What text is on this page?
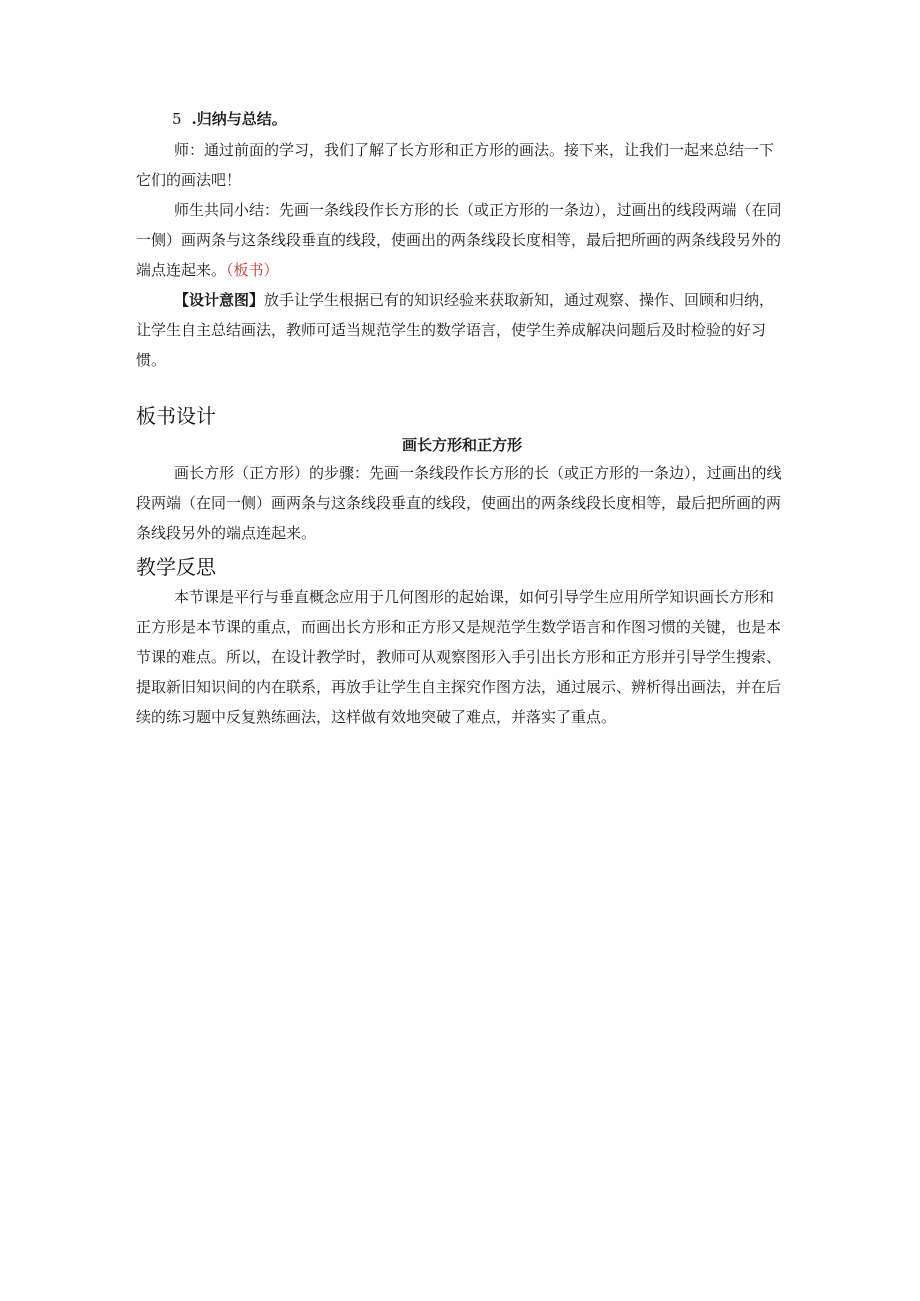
5 .归纳与总结。

师：通过前面的学习，我们了解了长方形和正方形的画法。接下来，让我们一起来总结一下它们的画法吧！

师生共同小结：先画一条线段作长方形的长（或正方形的一条边），过画出的线段两端（在同一侧）画两条与这条线段垂直的线段，使画出的两条线段长度相等，最后把所画的两条线段另外的端点连起来。（板书）

【设计意图】放手让学生根据已有的知识经验来获取新知，通过观察、操作、回顾和归纳，让学生自主总结画法，教师可适当规范学生的数学语言，使学生养成解决问题后及时检验的好习惯。

板书设计

画长方形和正方形

画长方形（正方形）的步骤：先画一条线段作长方形的长（或正方形的一条边），过画出的线段两端（在同一侧）画两条与这条线段垂直的线段，使画出的两条线段长度相等，最后把所画的两条线段另外的端点连起来。

教学反思

本节课是平行与垂直概念应用于几何图形的起始课，如何引导学生应用所学知识画长方形和正方形是本节课的重点，而画出长方形和正方形又是规范学生数学语言和作图习惯的关键，也是本节课的难点。所以，在设计教学时，教师可从观察图形入手引出长方形和正方形并引导学生搜索、提取新旧知识间的内在联系，再放手让学生自主探究作图方法，通过展示、辨析得出画法，并在后续的练习题中反复熟练画法，这样做有效地突破了难点，并落实了重点。
